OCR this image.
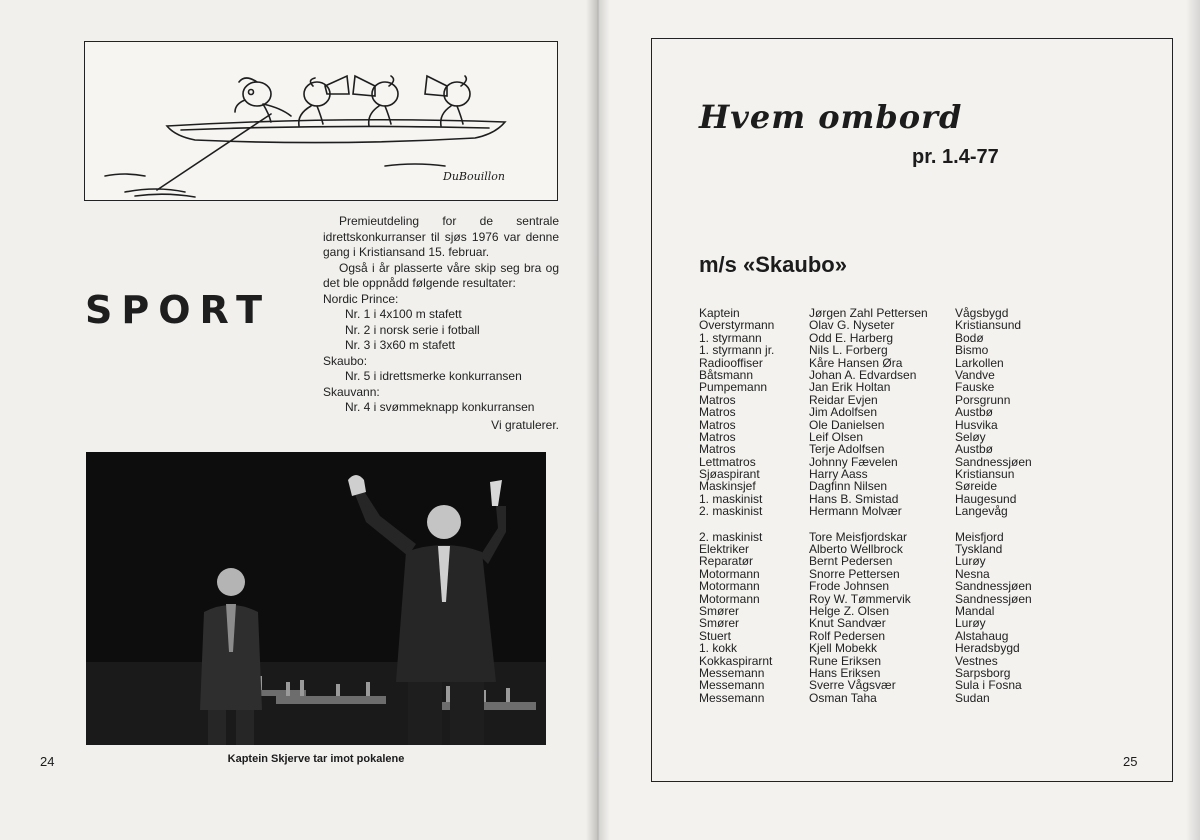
DuBouillon
SPORT

Premieutdeling for de sentrale idrettskonkurranser til sjøs 1976 var denne gang i Kristiansand 15. februar.

Også i år plasserte våre skip seg bra og det ble oppnådd følgende resultater:

Nordic Prince:

Nr. 1 i 4x100 m stafett

Nr. 2 i norsk serie i fotball

Nr. 3 i 3x60 m stafett

Skaubo:

Nr. 5 i idrettsmerke konkurransen

Skauvann:

Nr. 4 i svømmeknapp konkurransen

Vi gratulerer.

Kaptein Skjerve tar imot pokalene
24
Hvem ombord
pr. 1.4-77
m/s «Skaubo»
Kaptein	Jørgen Zahl Pettersen	Vågsbygd
Overstyrmann	Olav G. Nyseter	Kristiansund
1. styrmann	Odd E. Harberg	Bodø
1. styrmann jr.	Nils L. Forberg	Bismo
Radiooffiser	Kåre Hansen Øra	Larkollen
Båtsmann	Johan A. Edvardsen	Vandve
Pumpemann	Jan Erik Holtan	Fauske
Matros	Reidar Evjen	Porsgrunn
Matros	Jim Adolfsen	Austbø
Matros	Ole Danielsen	Husvika
Matros	Leif Olsen	Seløy
Matros	Terje Adolfsen	Austbø
Lettmatros	Johnny Fævelen	Sandnessjøen
Sjøaspirant	Harry Aass	Kristiansun
Maskinsjef	Dagfinn Nilsen	Søreide
1. maskinist	Hans B. Smistad	Haugesund
2. maskinist	Hermann Molvær	Langevåg
2. maskinist	Tore Meisfjordskar	Meisfjord
Elektriker	Alberto Wellbrock	Tyskland
Reparatør	Bernt Pedersen	Lurøy
Motormann	Snorre Pettersen	Nesna
Motormann	Frode Johnsen	Sandnessjøen
Motormann	Roy W. Tømmervik	Sandnessjøen
Smører	Helge Z. Olsen	Mandal
Smører	Knut Sandvær	Lurøy
Stuert	Rolf Pedersen	Alstahaug
1. kokk	Kjell Mobekk	Heradsbygd
Kokkaspirarnt	Rune Eriksen	Vestnes
Messemann	Hans Eriksen	Sarpsborg
Messemann	Sverre Vågsvær	Sula i Fosna
Messemann	Osman Taha	Sudan
25
